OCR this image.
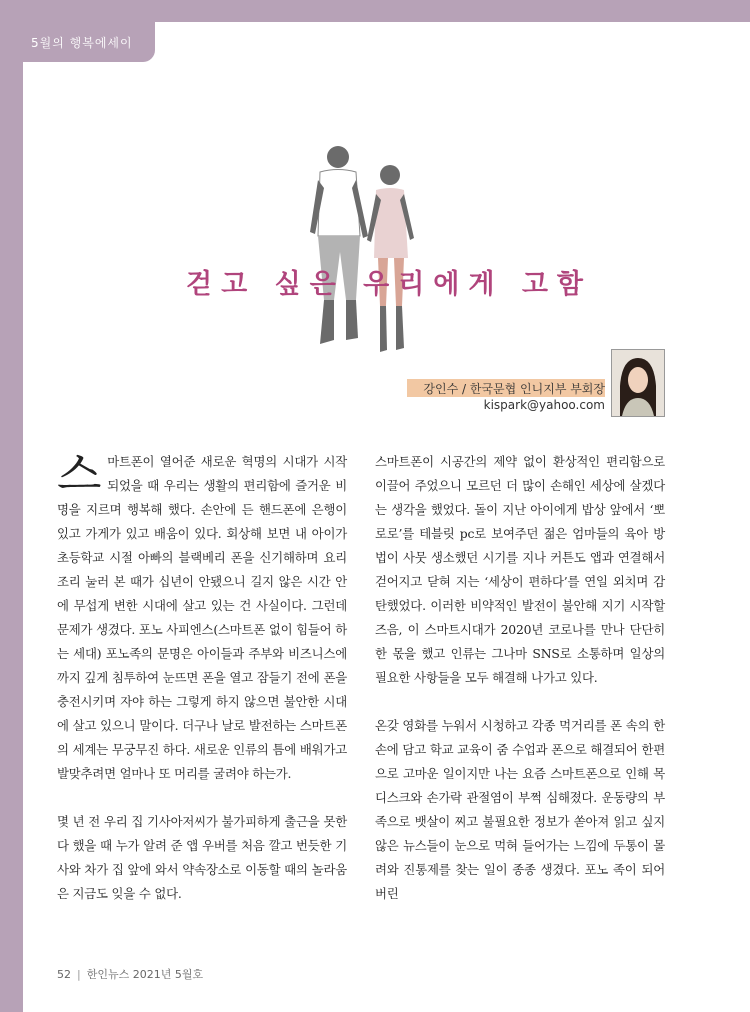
5월의 행복에세이
걷고 싶은 우리에게 고함
강인수 / 한국문협 인니지부 부회장
kispark@yahoo.com

스마트폰이 열어준 새로운 혁명의 시대가 시작되었을 때 우리는 생활의 편리함에 즐거운 비명을 지르며 행복해 했다. 손안에 든 핸드폰에 은행이 있고 가게가 있고 배움이 있다. 회상해 보면 내 아이가 초등학교 시절 아빠의 블랙베리 폰을 신기해하며 요리조리 눌러 본 때가 십년이 안됐으니 길지 않은 시간 안에 무섭게 변한 시대에 살고 있는 건 사실이다. 그런데 문제가 생겼다. 포노 사피엔스(스마트폰 없이 힘들어 하는 세대) 포노족의 문명은 아이들과 주부와 비즈니스에 까지 깊게 침투하여 눈뜨면 폰을 열고 잠들기 전에 폰을 충전시키며 자야 하는 그렇게 하지 않으면 불안한 시대에 살고 있으니 말이다. 더구나 날로 발전하는 스마트폰의 세계는 무궁무진 하다. 새로운 인류의 틈에 배워가고 발맞추려면 얼마나 또 머리를 굴려야 하는가.

몇 년 전 우리 집 기사아저씨가 불가피하게 출근을 못한다 했을 때 누가 알려 준 앱 우버를 처음 깔고 번듯한 기사와 차가 집 앞에 와서 약속장소로 이동할 때의 놀라움은 지금도 잊을 수 없다.

스마트폰이 시공간의 제약 없이 환상적인 편리함으로 이끌어 주었으니 모르던 더 많이 손해인 세상에 살겠다는 생각을 했었다. 돌이 지난 아이에게 밥상 앞에서 ‘뽀로로’를 테블릿 pc로 보여주던 젊은 엄마들의 육아 방법이 사뭇 생소했던 시기를 지나 커튼도 앱과 연결해서 걷어지고 닫혀 지는 ‘세상이 편하다’를 연일 외치며 감탄했었다. 이러한 비약적인 발전이 불안해 지기 시작할 즈음, 이 스마트시대가 2020년 코로나를 만나 단단히 한 몫을 했고 인류는 그나마 SNS로 소통하며 일상의 필요한 사항들을 모두 해결해 나가고 있다.

온갖 영화를 누워서 시청하고 각종 먹거리를 폰 속의 한 손에 담고 학교 교육이 줌 수업과 폰으로 해결되어 한편으로 고마운 일이지만 나는 요즘 스마트폰으로 인해 목 디스크와 손가락 관절염이 부쩍 심해졌다. 운동량의 부족으로 뱃살이 찌고 불필요한 정보가 쏟아져 읽고 싶지 않은 뉴스들이 눈으로 먹혀 들어가는 느낌에 두통이 몰려와 진통제를 찾는 일이 종종 생겼다. 포노 족이 되어 버린

52 | 한인뉴스 2021년 5월호
